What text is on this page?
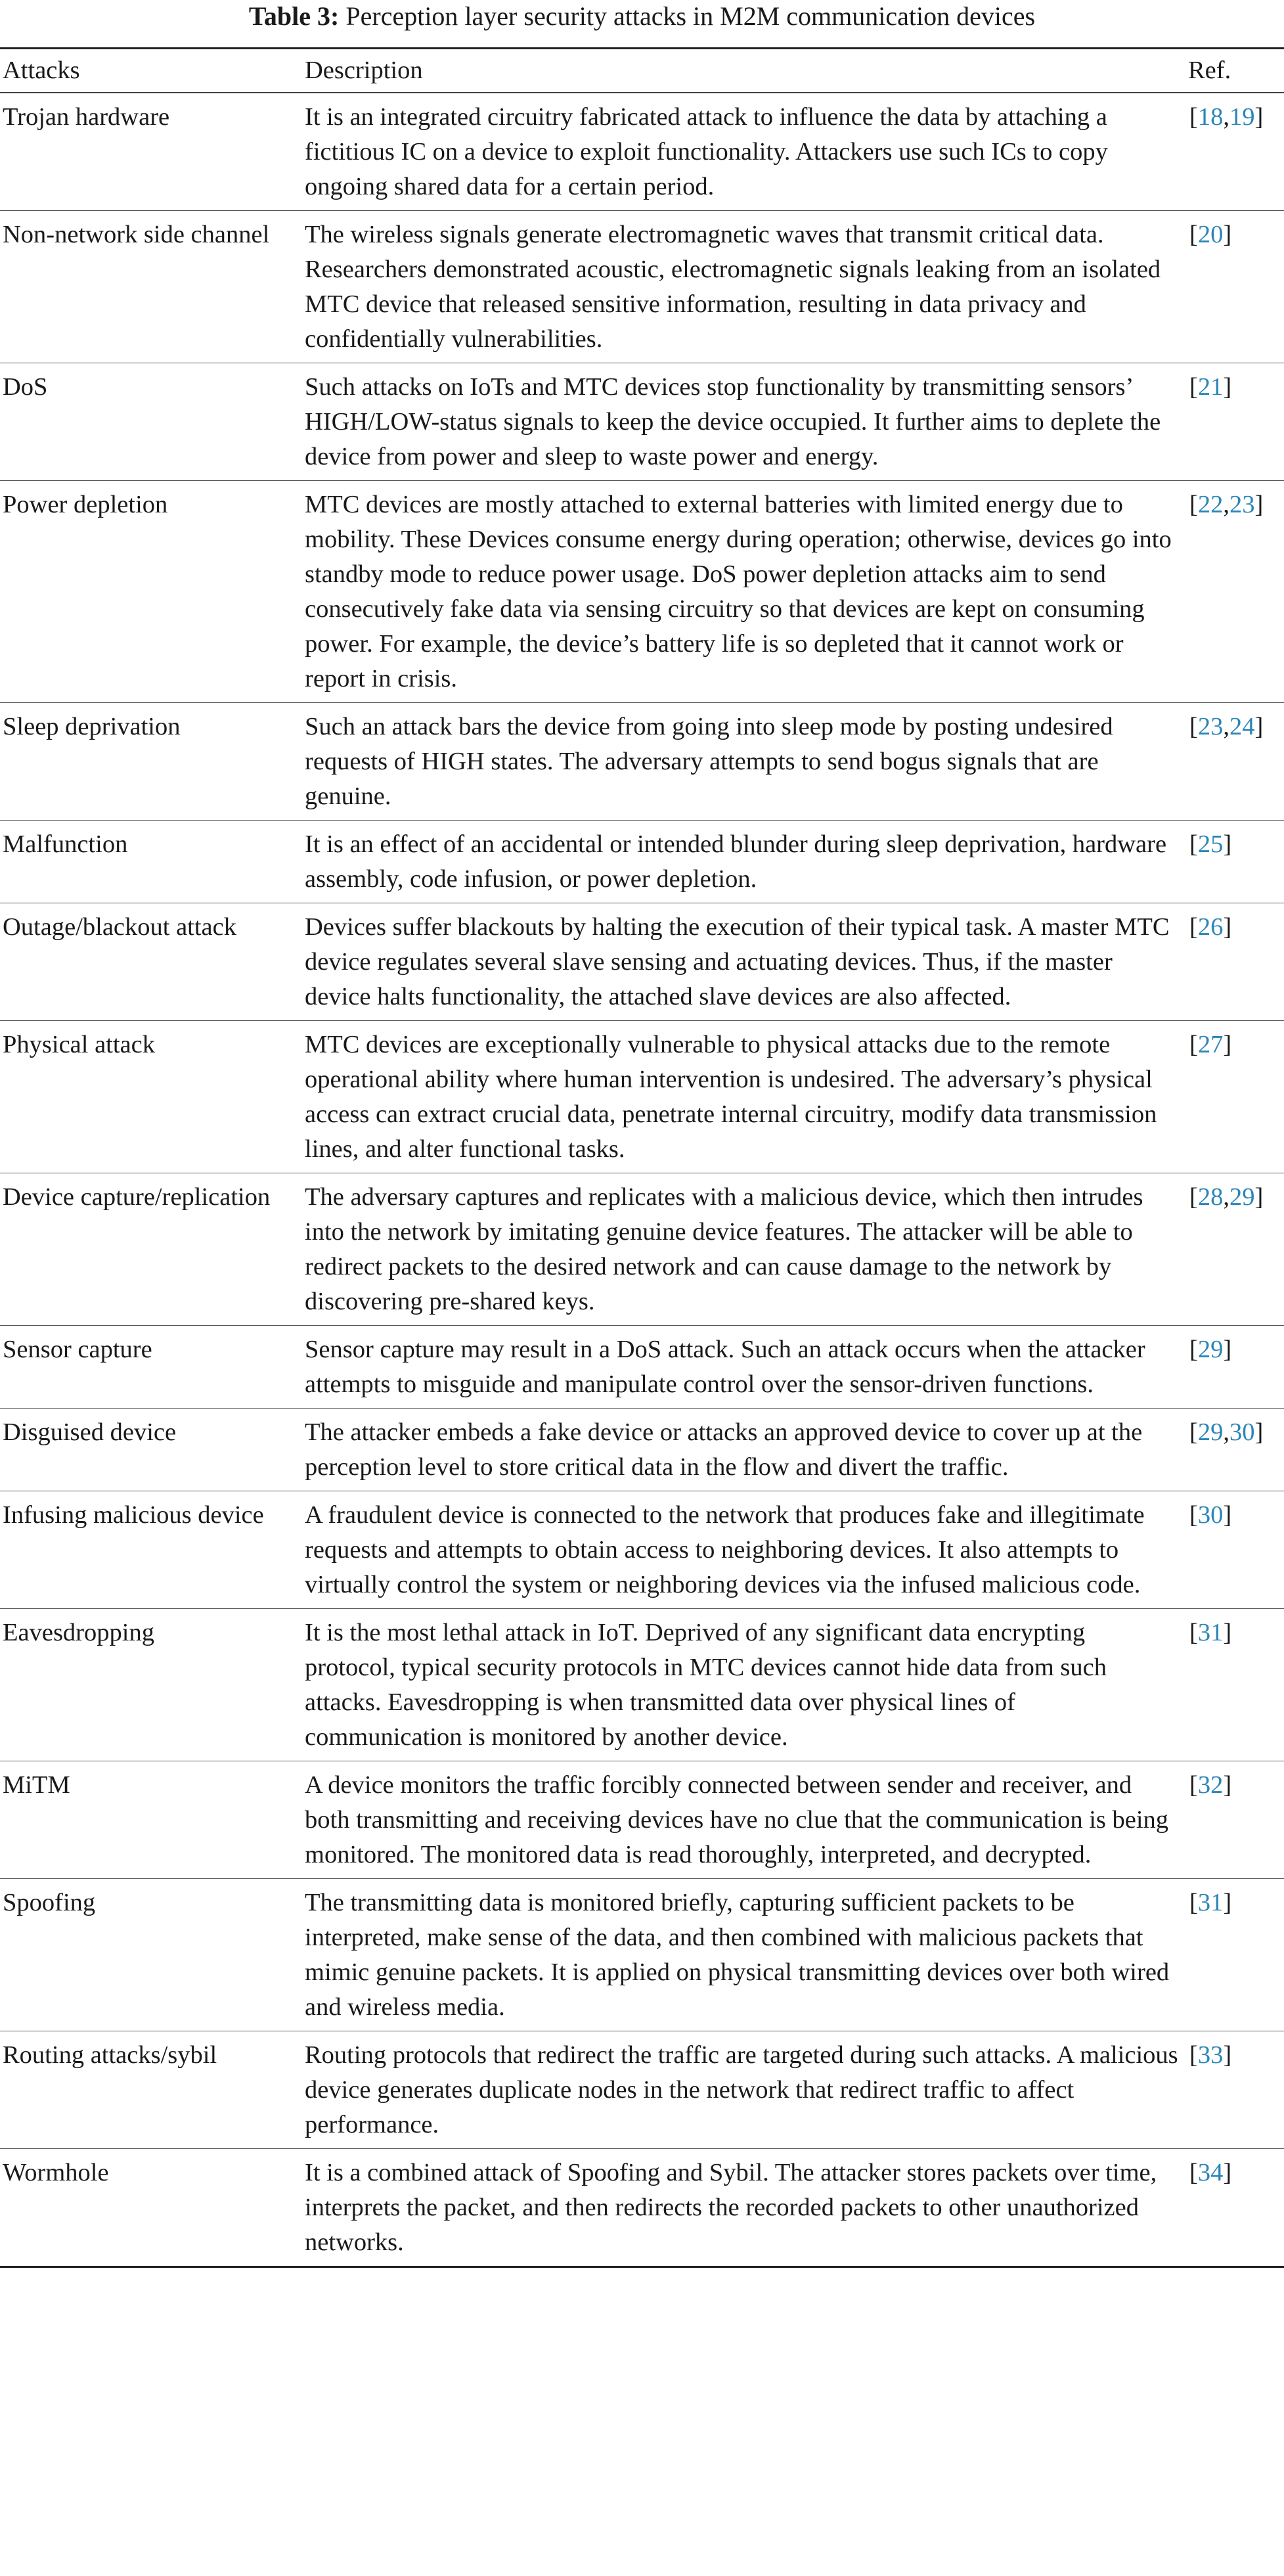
Table 3: Perception layer security attacks in M2M communication devices
Attacks	Description	Ref.
Trojan hardware	It is an integrated circuitry fabricated attack to influence the data by attaching a fictitious IC on a device to exploit functionality. Attackers use such ICs to copy ongoing shared data for a certain period.	[18,19]
Non-network side channel	The wireless signals generate electromagnetic waves that transmit critical data. Researchers demonstrated acoustic, electromagnetic signals leaking from an isolated MTC device that released sensitive information, resulting in data privacy and confidentially vulnerabilities.	[20]
DoS	Such attacks on IoTs and MTC devices stop functionality by transmitting sensors’ HIGH/LOW-status signals to keep the device occupied. It further aims to deplete the device from power and sleep to waste power and energy.	[21]
Power depletion	MTC devices are mostly attached to external batteries with limited energy due to mobility. These Devices consume energy during operation; otherwise, devices go into standby mode to reduce power usage. DoS power depletion attacks aim to send consecutively fake data via sensing circuitry so that devices are kept on consuming power. For example, the device’s battery life is so depleted that it cannot work or report in crisis.	[22,23]
Sleep deprivation	Such an attack bars the device from going into sleep mode by posting undesired requests of HIGH states. The adversary attempts to send bogus signals that are genuine.	[23,24]
Malfunction	It is an effect of an accidental or intended blunder during sleep deprivation, hardware assembly, code infusion, or power depletion.	[25]
Outage/blackout attack	Devices suffer blackouts by halting the execution of their typical task. A master MTC device regulates several slave sensing and actuating devices. Thus, if the master device halts functionality, the attached slave devices are also affected.	[26]
Physical attack	MTC devices are exceptionally vulnerable to physical attacks due to the remote operational ability where human intervention is undesired. The adversary’s physical access can extract crucial data, penetrate internal circuitry, modify data transmission lines, and alter functional tasks.	[27]
Device capture/replication	The adversary captures and replicates with a malicious device, which then intrudes into the network by imitating genuine device features. The attacker will be able to redirect packets to the desired network and can cause damage to the network by discovering pre-shared keys.	[28,29]
Sensor capture	Sensor capture may result in a DoS attack. Such an attack occurs when the attacker attempts to misguide and manipulate control over the sensor-driven functions.	[29]
Disguised device	The attacker embeds a fake device or attacks an approved device to cover up at the perception level to store critical data in the flow and divert the traffic.	[29,30]
Infusing malicious device	A fraudulent device is connected to the network that produces fake and illegitimate requests and attempts to obtain access to neighboring devices. It also attempts to virtually control the system or neighboring devices via the infused malicious code.	[30]
Eavesdropping	It is the most lethal attack in IoT. Deprived of any significant data encrypting protocol, typical security protocols in MTC devices cannot hide data from such attacks. Eavesdropping is when transmitted data over physical lines of communication is monitored by another device.	[31]
MiTM	A device monitors the traffic forcibly connected between sender and receiver, and both transmitting and receiving devices have no clue that the communication is being monitored. The monitored data is read thoroughly, interpreted, and decrypted.	[32]
Spoofing	The transmitting data is monitored briefly, capturing sufficient packets to be interpreted, make sense of the data, and then combined with malicious packets that mimic genuine packets. It is applied on physical transmitting devices over both wired and wireless media.	[31]
Routing attacks/sybil	Routing protocols that redirect the traffic are targeted during such attacks. A malicious device generates duplicate nodes in the network that redirect traffic to affect performance.	[33]
Wormhole	It is a combined attack of Spoofing and Sybil. The attacker stores packets over time, interprets the packet, and then redirects the recorded packets to other unauthorized networks.	[34]
